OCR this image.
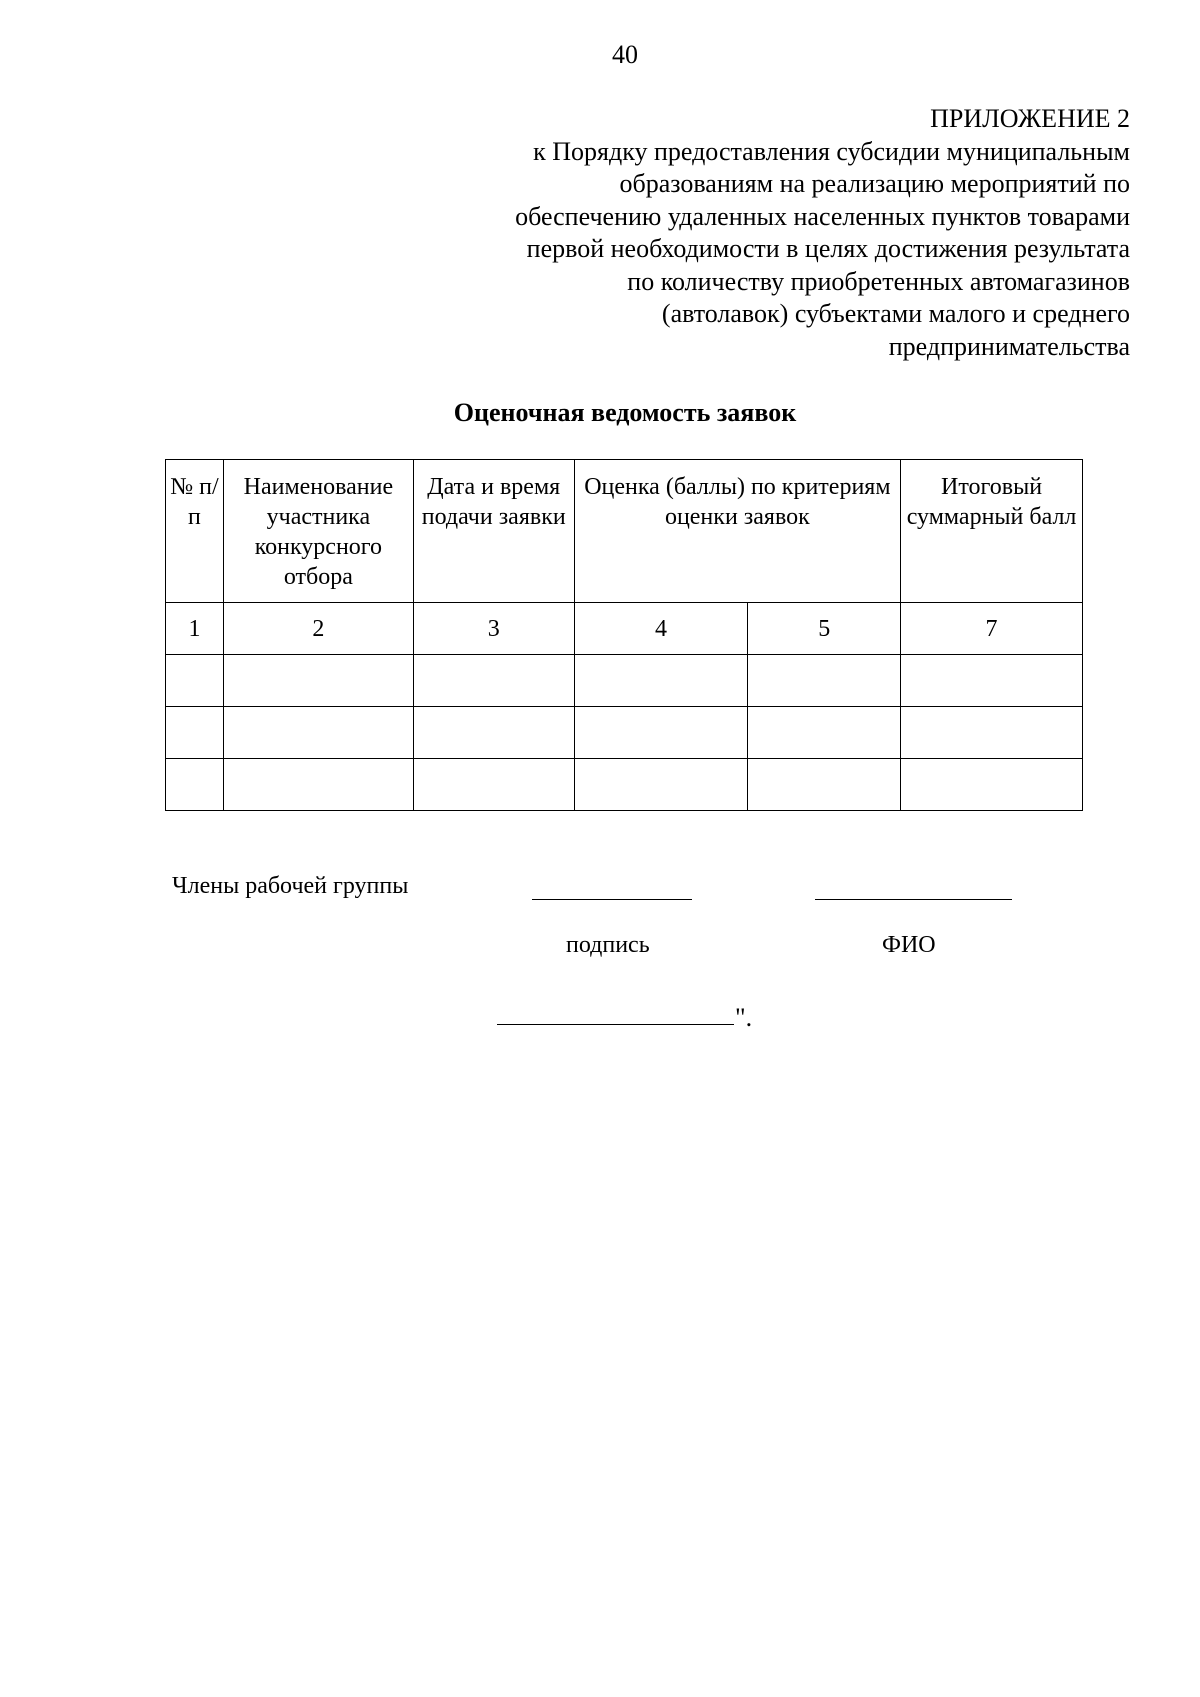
40
ПРИЛОЖЕНИЕ 2
к Порядку предоставления субсидии муниципальным
образованиям на реализацию мероприятий по
обеспечению удаленных населенных пунктов товарами
первой необходимости в целях достижения результата
по количеству приобретенных автомагазинов
(автолавок) субъектами малого и среднего
предпринимательства
Оценочная ведомость заявок
№ п/п	Наименование участника конкурсного отбора	Дата и время подачи заявки	Оценка (баллы) по критериям оценки заявок		Итоговый суммарный балл
1	2	3	4	5	7

Члены рабочей группы
подпись	ФИО
".
